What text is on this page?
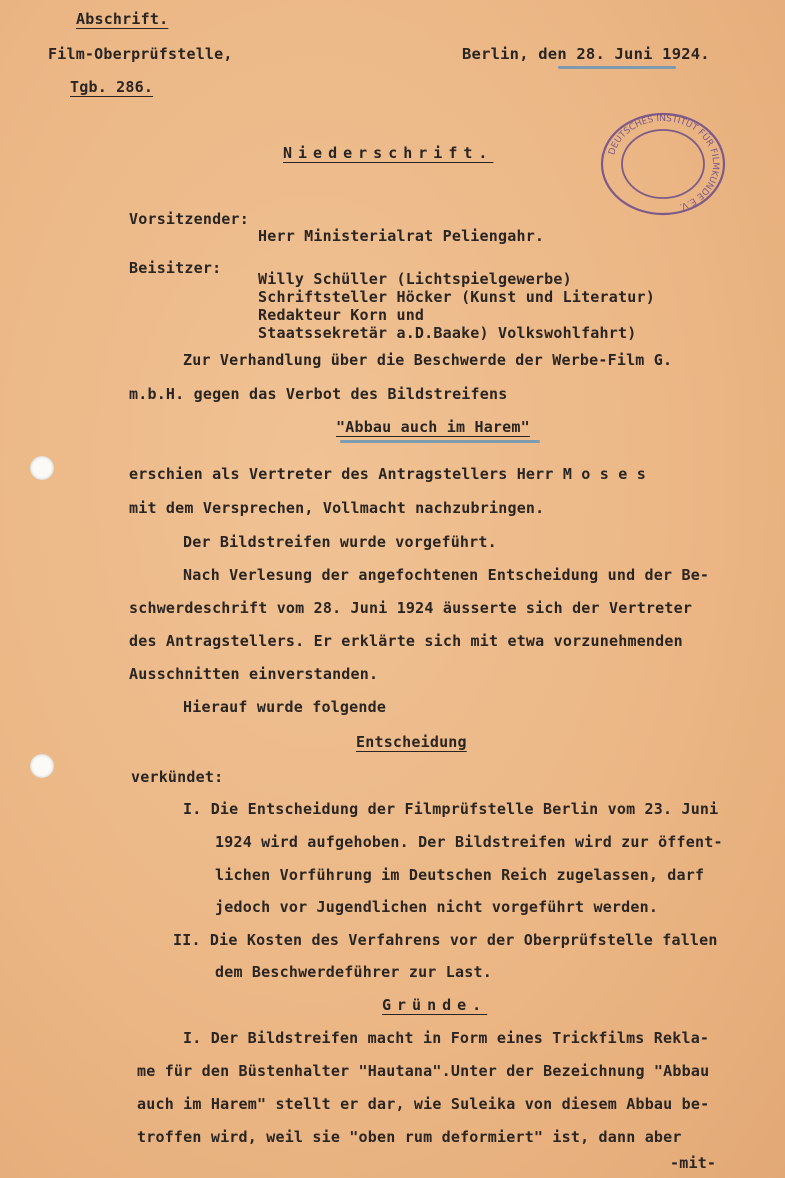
Abschrift.
Film-Oberprüfstelle,
Tgb. 286.
Berlin, den 28. Juni 1924.
Niederschrift.	DEUTSCHES INSTITUT FÜR FILMKUNDE E.V.
Vorsitzender:
Herr Ministerialrat Peliengahr.
Beisitzer:
Willy Schüller (Lichtspielgewerbe)
Schriftsteller Höcker (Kunst und Literatur)
Redakteur Korn und
Staatssekretär a.D.Baake) Volkswohlfahrt)
Zur Verhandlung über die Beschwerde der Werbe-Film G.
m.b.H. gegen das Verbot des Bildstreifens
"Abbau auch im Harem"
erschien als Vertreter des Antragstellers Herr M o s e s
mit dem Versprechen, Vollmacht nachzubringen.
Der Bildstreifen wurde vorgeführt.
Nach Verlesung der angefochtenen Entscheidung und der Be-
schwerdeschrift vom 28. Juni 1924 äusserte sich der Vertreter
des Antragstellers. Er erklärte sich mit etwa vorzunehmenden
Ausschnitten einverstanden.
Hierauf wurde folgende
Entscheidung
verkündet:
I. Die Entscheidung der Filmprüfstelle Berlin vom 23. Juni
1924 wird aufgehoben. Der Bildstreifen wird zur öffent-
lichen Vorführung im Deutschen Reich zugelassen, darf
jedoch vor Jugendlichen nicht vorgeführt werden.
II. Die Kosten des Verfahrens vor der Oberprüfstelle fallen
dem Beschwerdeführer zur Last.
Gründe.
I. Der Bildstreifen macht in Form eines Trickfilms Rekla-
me für den Büstenhalter "Hautana".Unter der Bezeichnung "Abbau
auch im Harem" stellt er dar, wie Suleika von diesem Abbau be-
troffen wird, weil sie "oben rum deformiert" ist, dann aber
-mit-
